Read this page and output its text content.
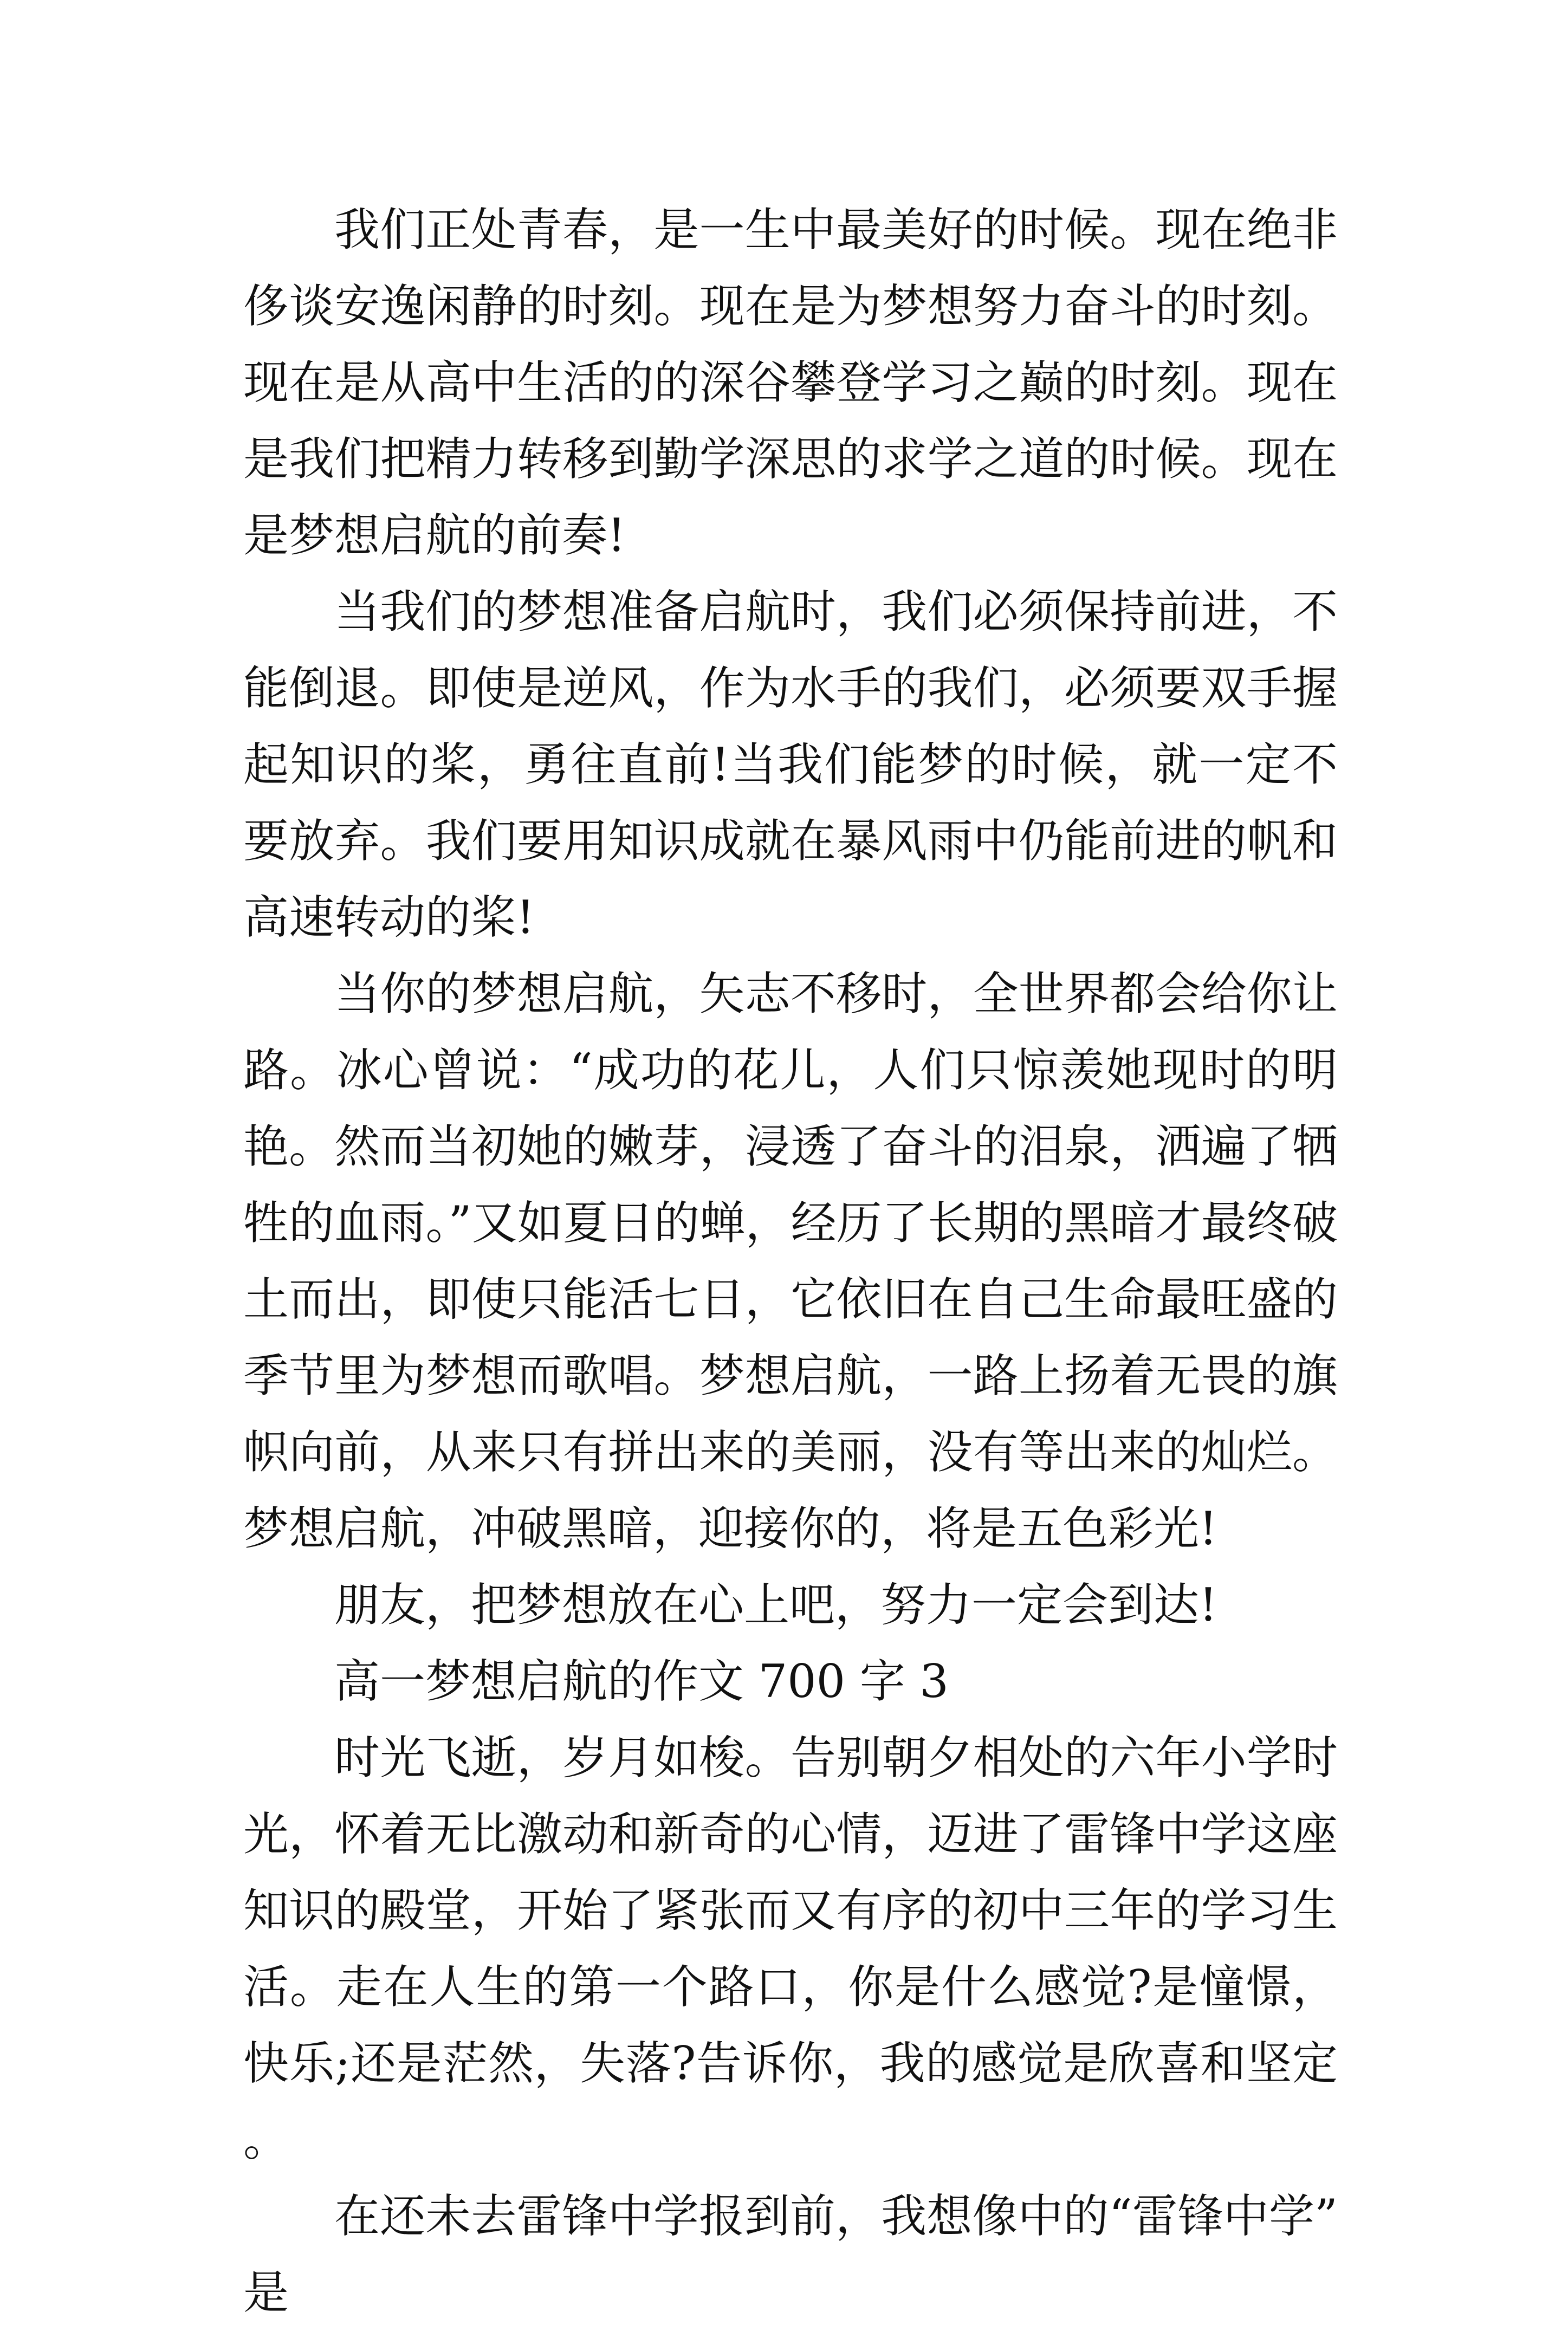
我们正处青春，是一生中最美好的时候。现在绝非侈谈安逸闲静的时刻。现在是为梦想努力奋斗的时刻。现在是从高中生活的的深谷攀登学习之巅的时刻。现在是我们把精力转移到勤学深思的求学之道的时候。现在是梦想启航的前奏!

当我们的梦想准备启航时，我们必须保持前进，不能倒退。即使是逆风，作为水手的我们，必须要双手握起知识的桨，勇往直前!当我们能梦的时候，就一定不要放弃。我们要用知识成就在暴风雨中仍能前进的帆和高速转动的桨!

当你的梦想启航，矢志不移时，全世界都会给你让路。冰心曾说：“成功的花儿，人们只惊羡她现时的明艳。然而当初她的嫩芽，浸透了奋斗的泪泉，洒遍了牺牲的血雨。”又如夏日的蝉，经历了长期的黑暗才最终破土而出，即使只能活七日，它依旧在自己生命最旺盛的季节里为梦想而歌唱。梦想启航，一路上扬着无畏的旗帜向前，从来只有拼出来的美丽，没有等出来的灿烂。梦想启航，冲破黑暗，迎接你的，将是五色彩光!

朋友，把梦想放在心上吧，努力一定会到达!

高一梦想启航的作文 700 字 3

时光飞逝，岁月如梭。告别朝夕相处的六年小学时光，怀着无比激动和新奇的心情，迈进了雷锋中学这座知识的殿堂，开始了紧张而又有序的初中三年的学习生活。走在人生的第一个路口，你是什么感觉?是憧憬，快乐;还是茫然，失落?告诉你，我的感觉是欣喜和坚定。

在还未去雷锋中学报到前，我想像中的“雷锋中学”是
